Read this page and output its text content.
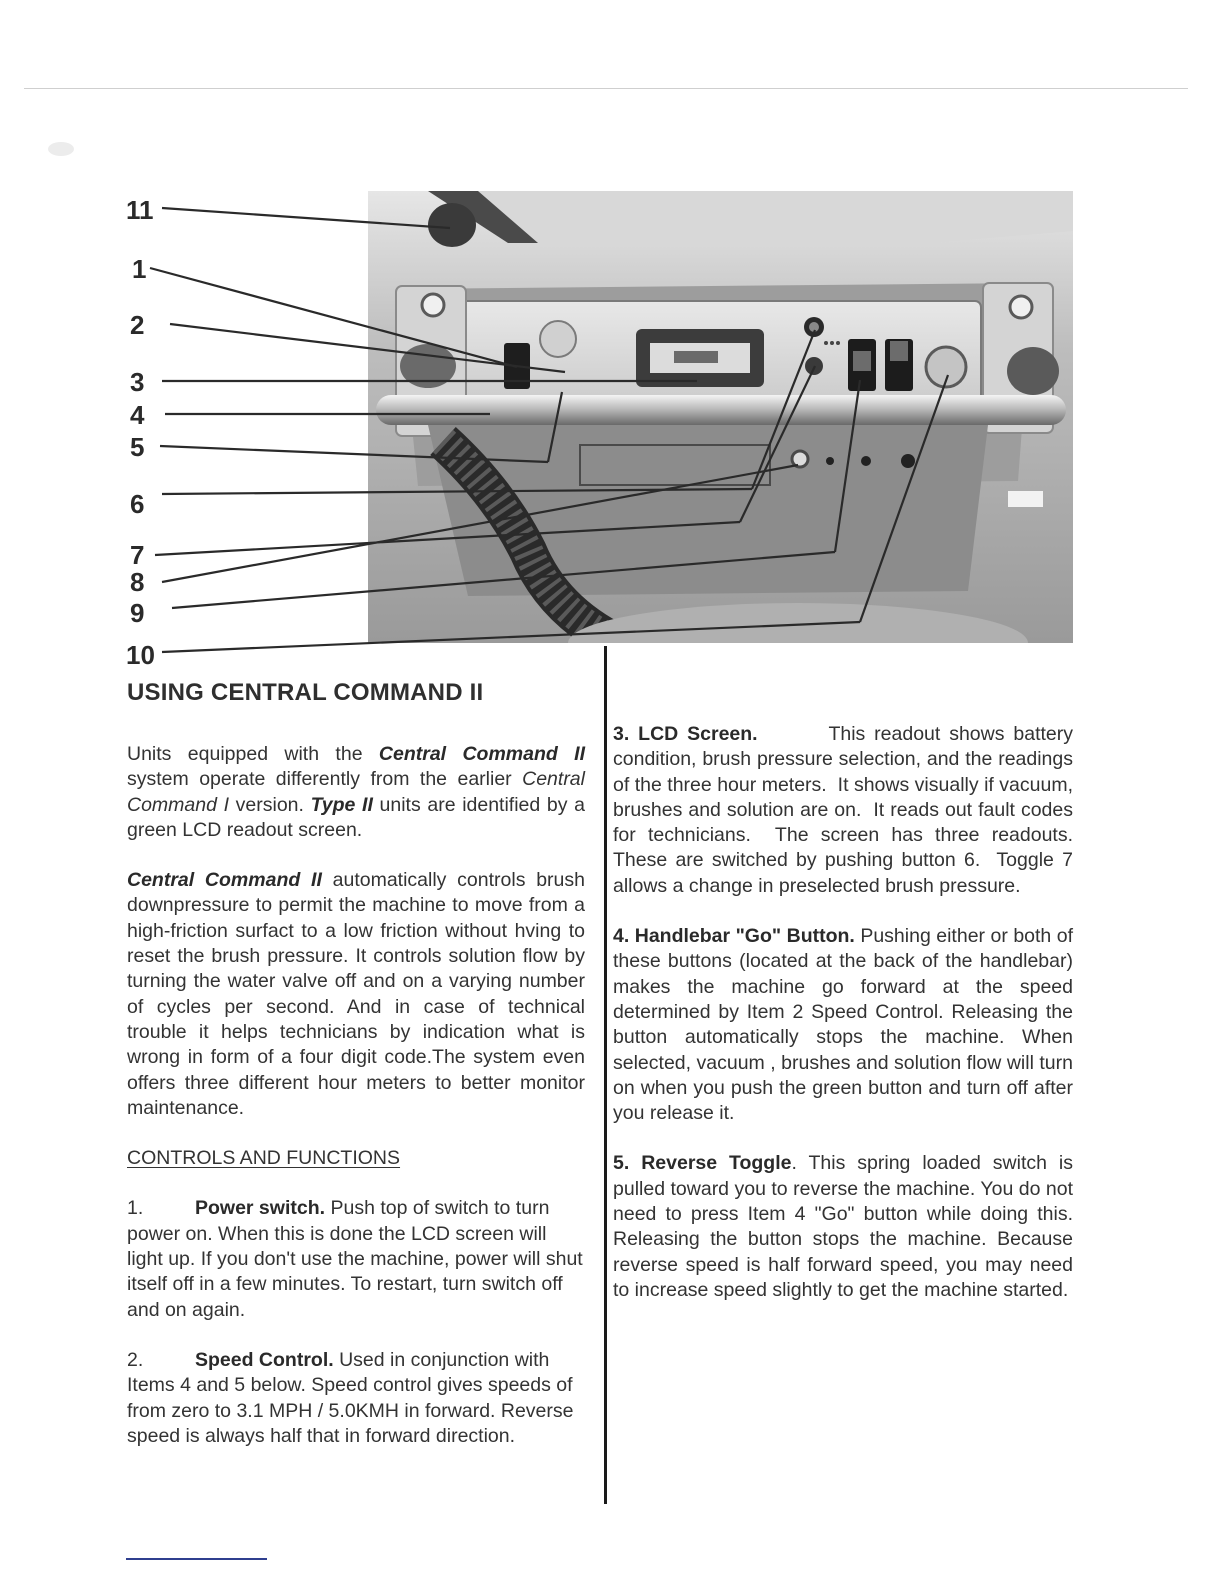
11
1
2
3
4
5
6
7
8
9
10
USING CENTRAL COMMAND II

Units equipped with the Central Command II system operate differently from the earlier Central Command I version. Type II units are identified by a green LCD readout screen.

Central Command II automatically controls brush downpressure to permit the machine to move from a high-friction surfact to a low friction without hving to reset the brush pressure. It controls solution flow by turning the water valve off and on a varying number of cycles per second. And in case of technical trouble it helps technicians by indication what is wrong in form of a four digit code.The system even offers three different hour meters to better monitor maintenance.

CONTROLS AND FUNCTIONS

1.	Power switch. Push top of switch to turn power on. When this is done the LCD screen will light up. If you don't use the machine, power will shut itself off in a few minutes. To restart, turn switch off and on again.

2.	Speed Control. Used in conjunction with Items 4 and 5 below. Speed control gives speeds of from zero to 3.1 MPH / 5.0KMH in forward. Reverse speed is always half that in forward direction.

3. LCD Screen.        This readout shows battery condition, brush pressure selection, and the readings of the three hour meters.  It shows visually if vacuum, brushes and solution are on.  It reads out fault codes for technicians.  The screen has three readouts.  These are switched by pushing button 6.  Toggle 7 allows a change in preselected brush pressure.

4. Handlebar "Go" Button. Pushing either or both of these buttons (located at the back of the handlebar) makes the machine go forward at the speed determined by Item 2 Speed Control. Releasing the button automatically stops the machine. When selected, vacuum , brushes and solution flow will turn on when you push the green button and turn off after you release it.

5. Reverse Toggle. This spring loaded switch is pulled toward you to reverse the machine. You do not need to press Item 4 "Go" button while doing this. Releasing the button stops the machine. Because reverse speed is half forward speed, you may need to increase speed slightly to get the machine started.
